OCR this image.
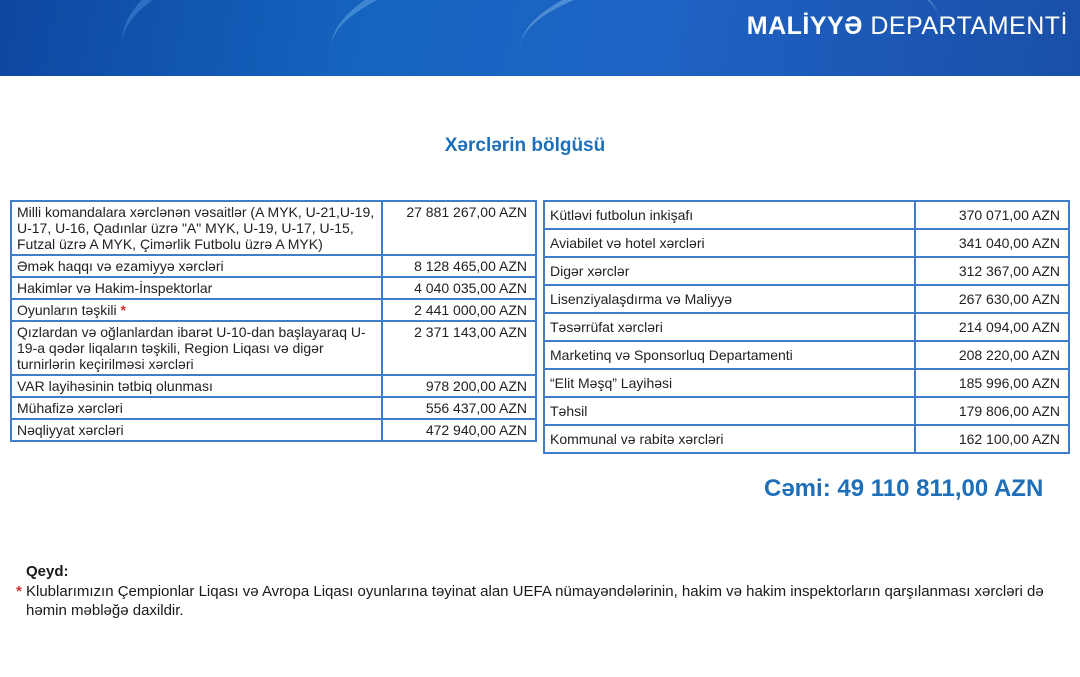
MALİYYƏ DEPARTAMENTİ
Xərclərin bölgüsü
Milli komandalara xərclənən vəsaitlər (A MYK, U-21,U-19, U-17, U-16, Qadınlar üzrə "A" MYK, U-19, U-17, U-15, Futzal üzrə A MYK, Çimərlik Futbolu üzrə A MYK)	27 881 267,00 AZN
Əmək haqqı və ezamiyyə xərcləri	8 128 465,00 AZN
Hakimlər və Hakim-İnspektorlar	4 040 035,00 AZN
Oyunların təşkili *	2 441 000,00 AZN
Qızlardan və oğlanlardan ibarət U-10-dan başlayaraq U-19-a qədər liqaların təşkili, Region Liqası və digər turnirlərin keçirilməsi xərcləri	2 371 143,00 AZN
VAR layihəsinin tətbiq olunması	978 200,00 AZN
Mühafizə xərcləri	556 437,00 AZN
Nəqliyyat xərcləri	472 940,00 AZN
Kütləvi futbolun inkişafı	370 071,00 AZN
Aviabilet və hotel xərcləri	341 040,00 AZN
Digər xərclər	312 367,00 AZN
Lisenziyalaşdırma və Maliyyə	267 630,00 AZN
Təsərrüfat xərcləri	214 094,00 AZN
Marketinq və Sponsorluq Departamenti	208 220,00 AZN
“Elit Məşq” Layihəsi	185 996,00 AZN
Təhsil	179 806,00 AZN
Kommunal və rabitə xərcləri	162 100,00 AZN
Cəmi: 49 110 811,00 AZN
Qeyd:
* Klublarımızın Çempionlar Liqası və Avropa Liqası oyunlarına təyinat alan UEFA nümayəndələrinin, hakim və hakim inspektorların qarşılanması xərcləri də həmin məbləğə daxildir.
